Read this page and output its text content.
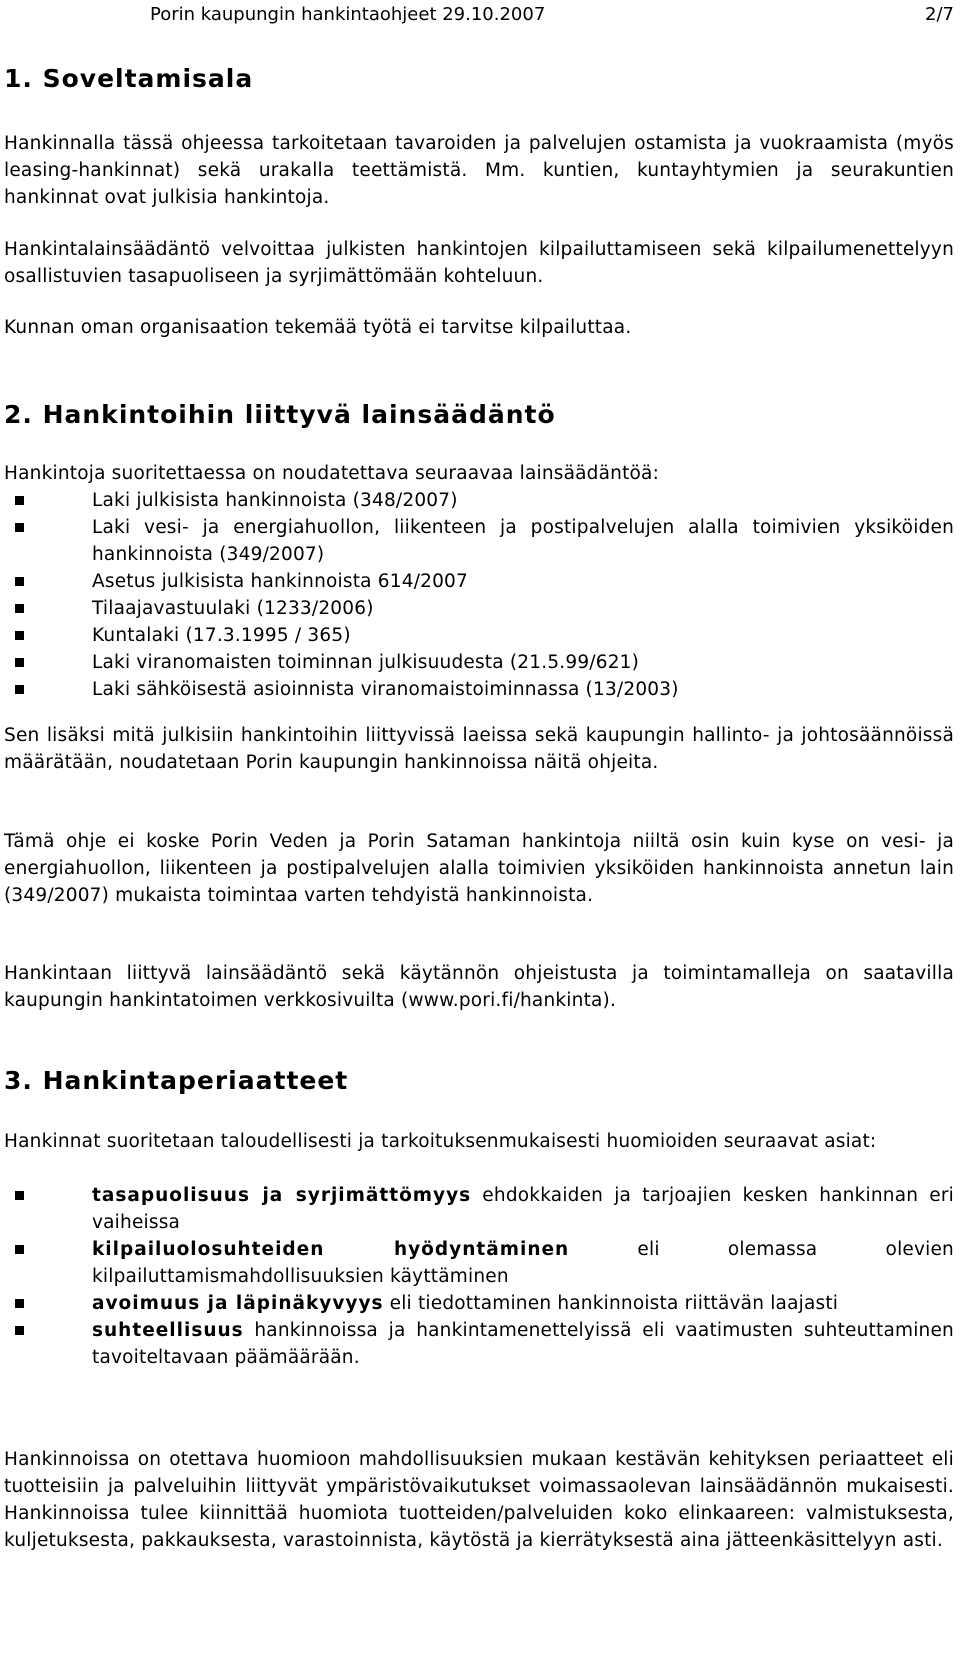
Porin kaupungin hankintaohjeet 29.10.2007	2/7
1. Soveltamisala

Hankinnalla tässä ohjeessa tarkoitetaan tavaroiden ja palvelujen ostamista ja vuokraamista (myös leasing-hankinnat) sekä urakalla teettämistä. Mm. kuntien, kuntayhtymien ja seurakuntien hankinnat ovat julkisia hankintoja.

Hankintalainsäädäntö velvoittaa julkisten hankintojen kilpailuttamiseen sekä kilpailumenettelyyn osallistuvien tasapuoliseen ja syrjimättömään kohteluun.

Kunnan oman organisaation tekemää työtä ei tarvitse kilpailuttaa.

2. Hankintoihin liittyvä lainsäädäntö

Hankintoja suoritettaessa on noudatettava seuraavaa lainsäädäntöä:

Laki julkisista hankinnoista (348/2007)
Laki vesi- ja energiahuollon, liikenteen ja postipalvelujen alalla toimivien yksiköiden hankinnoista (349/2007)
Asetus julkisista hankinnoista 614/2007
Tilaajavastuulaki (1233/2006)
Kuntalaki (17.3.1995 / 365)
Laki viranomaisten toiminnan julkisuudesta (21.5.99/621)
Laki sähköisestä asioinnista viranomaistoiminnassa (13/2003)

Sen lisäksi mitä julkisiin hankintoihin liittyvissä laeissa sekä kaupungin hallinto- ja johtosäännöissä määrätään, noudatetaan Porin kaupungin hankinnoissa näitä ohjeita.

Tämä ohje ei koske Porin Veden ja Porin Sataman hankintoja niiltä osin kuin kyse on vesi- ja energiahuollon, liikenteen ja postipalvelujen alalla toimivien yksiköiden hankinnoista annetun lain (349/2007) mukaista toimintaa varten tehdyistä hankinnoista.

Hankintaan liittyvä lainsäädäntö sekä käytännön ohjeistusta ja toimintamalleja on saatavilla kaupungin hankintatoimen verkkosivuilta (www.pori.fi/hankinta).

3. Hankintaperiaatteet

Hankinnat suoritetaan taloudellisesti ja tarkoituksenmukaisesti huomioiden seuraavat asiat:

tasapuolisuus ja syrjimättömyys ehdokkaiden ja tarjoajien kesken hankinnan eri vaiheissa
kilpailuolosuhteiden hyödyntäminen eli olemassa olevien kilpailuttamismahdollisuuksien käyttäminen
avoimuus ja läpinäkyvyys eli tiedottaminen hankinnoista riittävän laajasti
suhteellisuus hankinnoissa ja hankintamenettelyissä eli vaatimusten suhteuttaminen tavoiteltavaan päämäärään.

Hankinnoissa on otettava huomioon mahdollisuuksien mukaan kestävän kehityksen periaatteet eli tuotteisiin ja palveluihin liittyvät ympäristövaikutukset voimassaolevan lainsäädännön mukaisesti. Hankinnoissa tulee kiinnittää huomiota tuotteiden/palveluiden koko elinkaareen: valmistuksesta, kuljetuksesta, pakkauksesta, varastoinnista, käytöstä ja kierrätyksestä aina jätteenkäsittelyyn asti.
